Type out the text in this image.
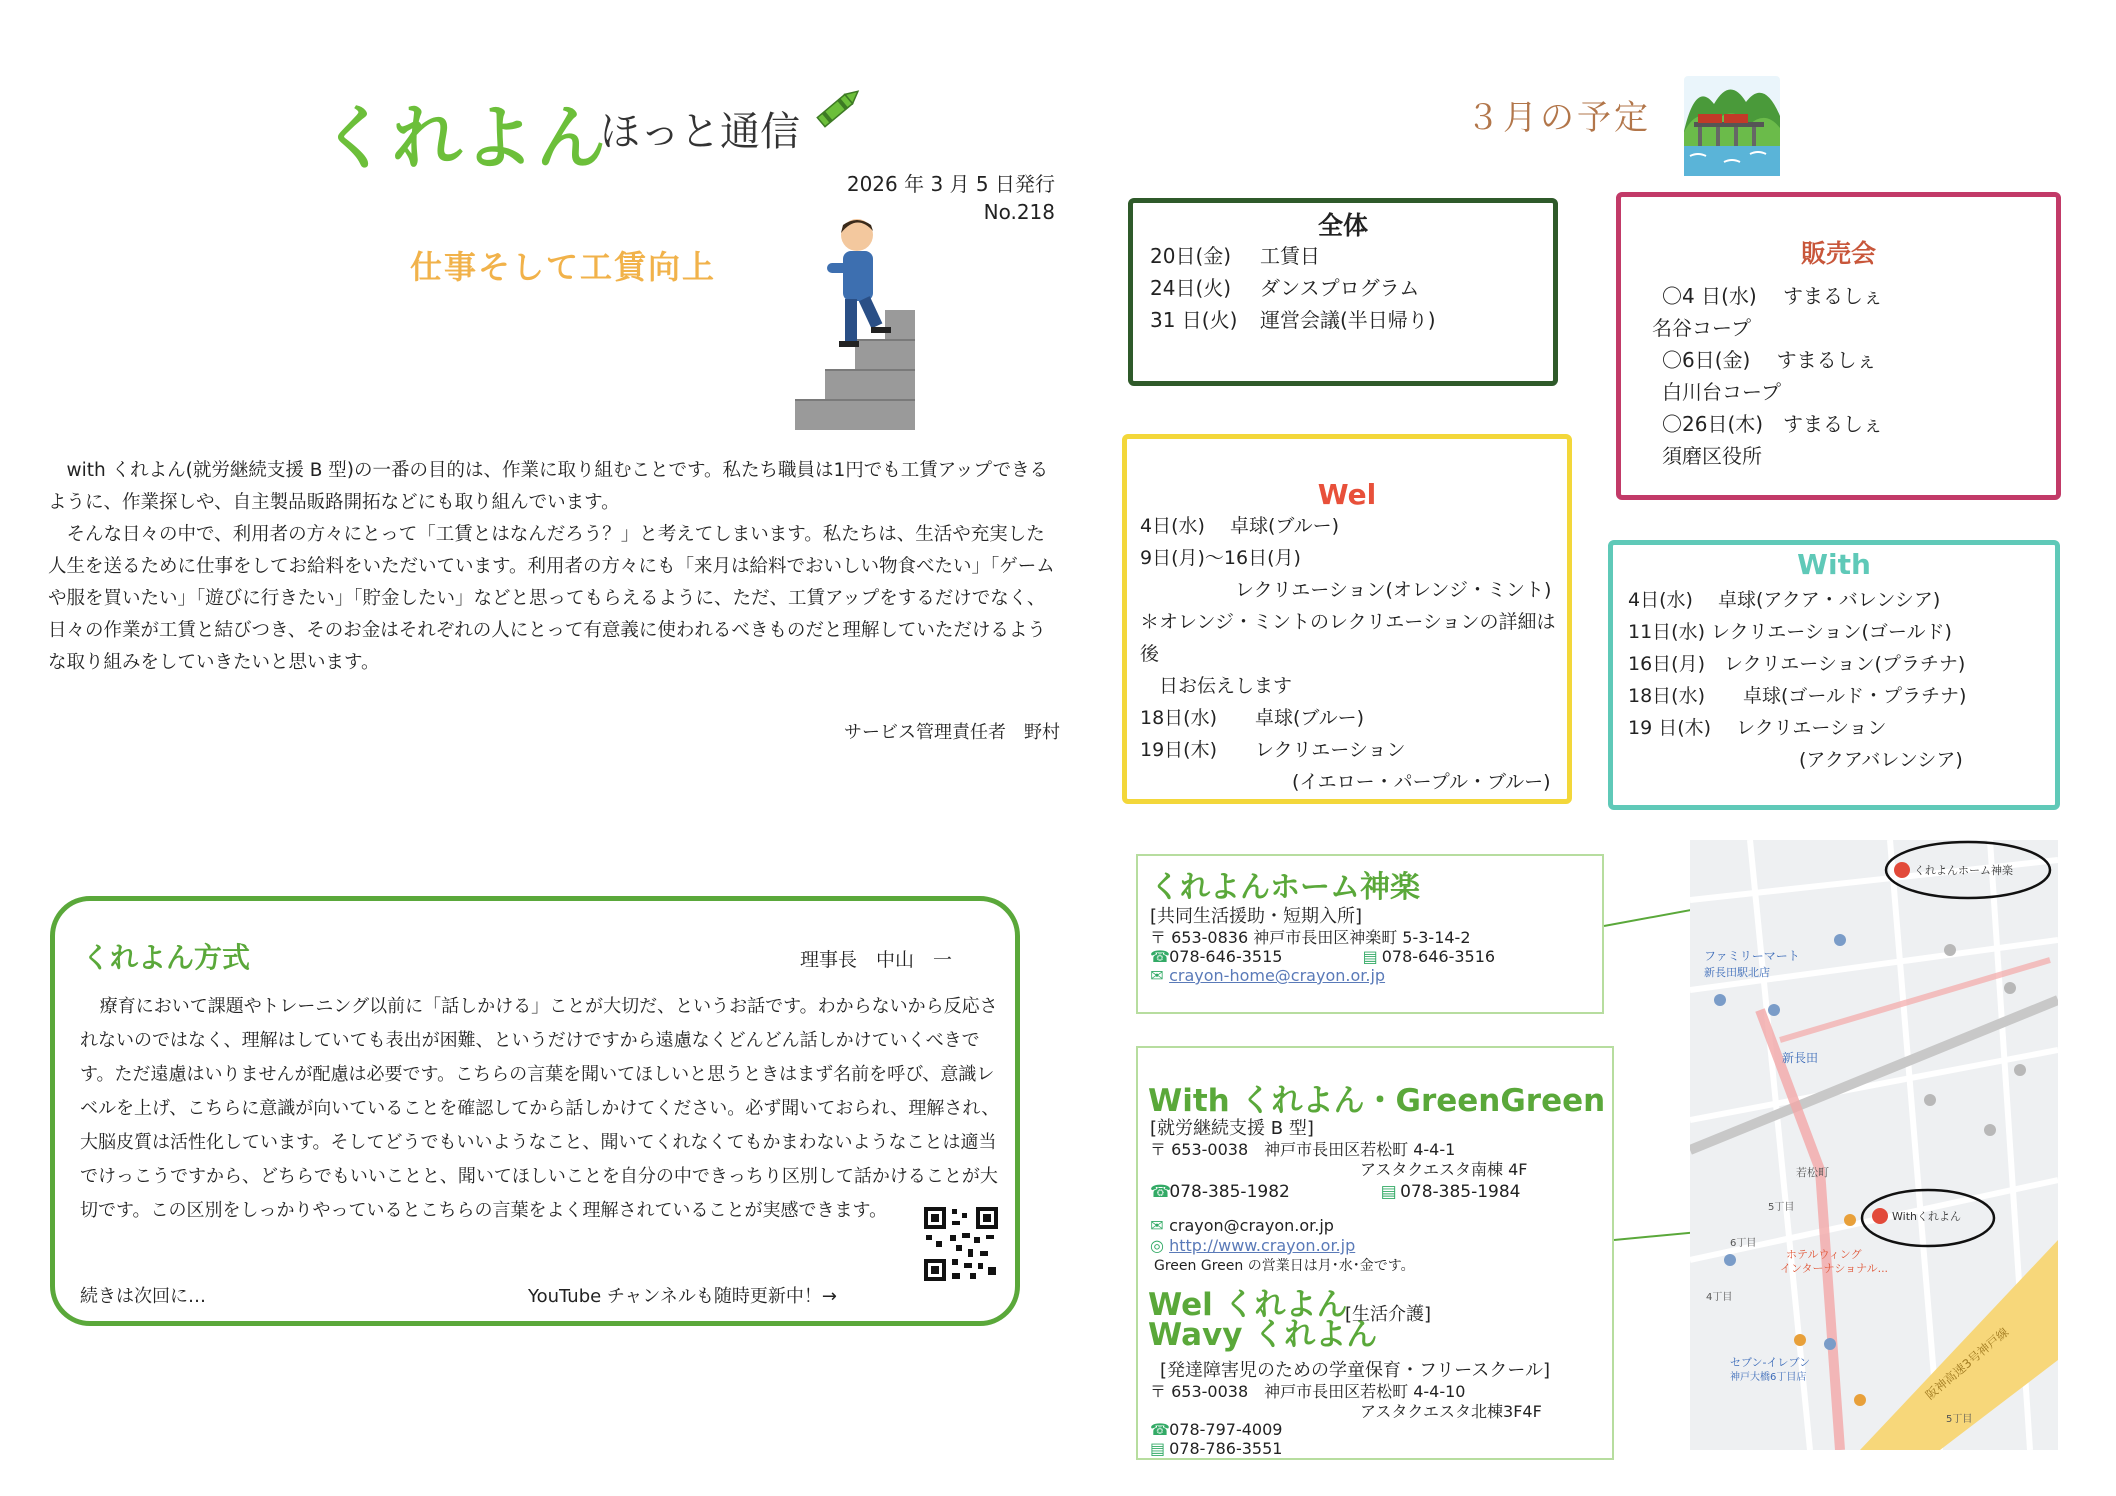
くれよん
ほっと通信
2026 年 3 月 5 日発行
No.218
仕事そして工賃向上

with くれよん(就労継続支援 B 型)の一番の目的は、作業に取り組むことです。私たち職員は1円でも工賃アップできるように、作業探しや、自主製品販路開拓などにも取り組んでいます。

そんな日々の中で、利用者の方々にとって「工賃とはなんだろう？」と考えてしまいます。私たちは、生活や充実した人生を送るために仕事をしてお給料をいただいています。利用者の方々にも「来月は給料でおいしい物食べたい」「ゲームや服を買いたい」「遊びに行きたい」「貯金したい」などと思ってもらえるように、ただ、工賃アップをするだけでなく、日々の作業が工賃と結びつき、そのお金はそれぞれの人にとって有意義に使われるべきものだと理解していただけるような取り組みをしていきたいと思います。

サービス管理責任者　野村
くれよん方式	理事長　中山　一
療育において課題やトレーニング以前に「話しかける」ことが大切だ、というお話です。わからないから反応されないのではなく、理解はしていても表出が困難、というだけですから遠慮なくどんどん話しかけていくべきです。ただ遠慮はいりませんが配慮は必要です。こちらの言葉を聞いてほしいと思うときはまず名前を呼び、意識レベルを上げ、こちらに意識が向いていることを確認してから話しかけてください。必ず聞いておられ、理解され、大脳皮質は活性化しています。そしてどうでもいいようなこと、聞いてくれなくてもかまわないようなことは適当でけっこうですから、どちらでもいいことと、聞いてほしいことを自分の中できっちり区別して話かけることが大切です。この区別をしっかりやっているとこちらの言葉をよく理解されていることが実感できます。
続きは次回に…	YouTube チャンネルも随時更新中！→
３月の予定
全体
20日(金) 工賃日
24日(火) ダンスプログラム
31 日(火) 運営会議(半日帰り)
販売会
〇4 日(水)　 すまるしぇ
名谷コープ
〇6日(金)　 すまるしぇ
白川台コープ
〇26日(木)　すまるしぇ
須磨区役所
Wel
4日(水)　 卓球(ブルー)
9日(月)～16日(月)
　　　　　レクリエーション(オレンジ・ミント)
＊オレンジ・ミントのレクリエーションの詳細は後
　日お伝えします
18日(水)　　卓球(ブルー)
19日(木)　　レクリエーション
　　　　　　　　(イエロー・パープル・ブルー)
With
4日(水)　 卓球(アクア・バレンシア)
11日(水) レクリエーション(ゴールド)
16日(月)　レクリエーション(プラチナ)
18日(水)　　卓球(ゴールド・プラチナ)
19 日(木)　 レクリエーション
　　　　　　　　　(アクアバレンシア)
くれよんホーム神楽
[共同生活援助・短期入所]
〒 653-0836 神戸市長田区神楽町 5-3-14-2
☎ 078-646-3515	▤ 078-646-3516
✉ crayon-home@crayon.or.jp
With くれよん・GreenGreen
[就労継続支援 B 型]
〒 653-0038　神戸市長田区若松町 4-4-1
アスタクエスタ南棟 4F
☎ 078-385-1982	▤ 078-385-1984
✉ crayon@crayon.or.jp
◎ http://www.crayon.or.jp
Green Green の営業日は月･水･金です。
Wel くれよん
Wavy くれよん
[生活介護]
[発達障害児のための学童保育・フリースクール]
〒 653-0038　神戸市長田区若松町 4-4-10
アスタクエスタ北棟3F4F
☎ 078-797-4009
▤ 078-786-3551
阪神高速3号神戸線
くれよんホーム神楽
Withくれよん
ファミリーマート
新長田駅北店
新長田
若松町
5丁目
ホテルウィング
インターナショナル...
セブン-イレブン
神戸大橋6丁目店
4丁目
5丁目
6丁目
